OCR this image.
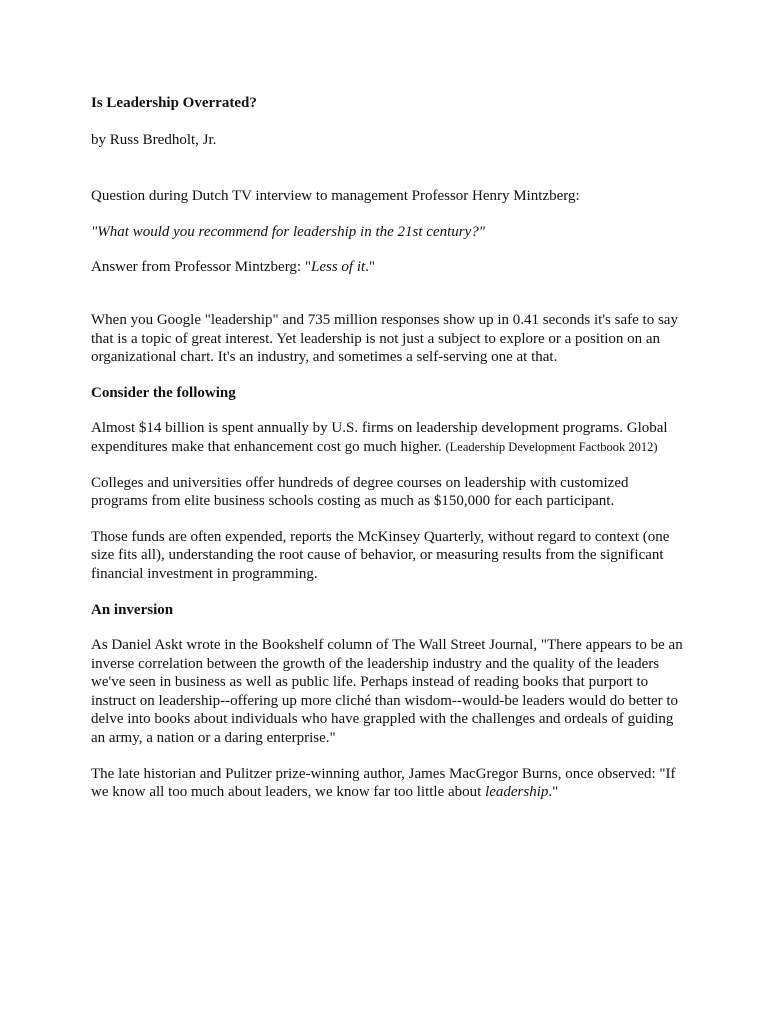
Is Leadership Overrated?

by Russ Bredholt, Jr.

Question during Dutch TV interview to management Professor Henry Mintzberg:

"What would you recommend for leadership in the 21st century?"

Answer from Professor Mintzberg: "Less of it."

When you Google "leadership" and 735 million responses show up in 0.41 seconds it's safe to say that is a topic of great interest. Yet leadership is not just a subject to explore or a position on an organizational chart. It's an industry, and sometimes a self-serving one at that.

Consider the following

Almost $14 billion is spent annually by U.S. firms on leadership development programs. Global expenditures make that enhancement cost go much higher. (Leadership Development Factbook 2012)

Colleges and universities offer hundreds of degree courses on leadership with customized programs from elite business schools costing as much as $150,000 for each participant.

Those funds are often expended, reports the McKinsey Quarterly, without regard to context (one size fits all), understanding the root cause of behavior, or measuring results from the significant financial investment in programming.

An inversion

As Daniel Askt wrote in the Bookshelf column of The Wall Street Journal, "There appears to be an inverse correlation between the growth of the leadership industry and the quality of the leaders we've seen in business as well as public life. Perhaps instead of reading books that purport to instruct on leadership--offering up more cliché than wisdom--would-be leaders would do better to delve into books about individuals who have grappled with the challenges and ordeals of guiding an army, a nation or a daring enterprise."

The late historian and Pulitzer prize-winning author, James MacGregor Burns, once observed: "If we know all too much about leaders, we know far too little about leadership."
